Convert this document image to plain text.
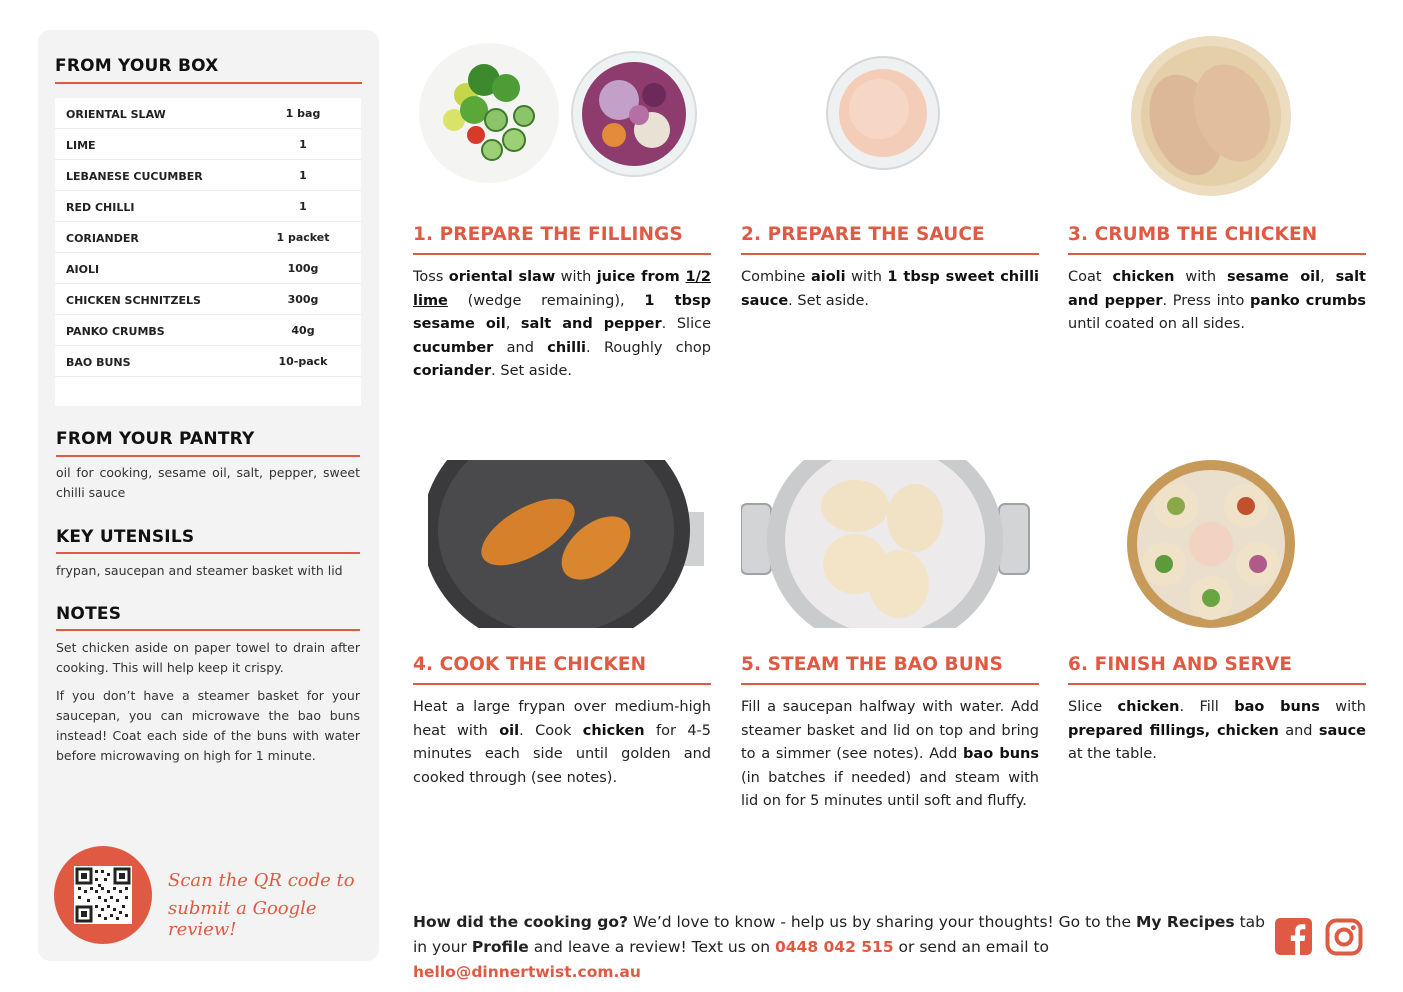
FROM YOUR BOX
ORIENTAL SLAW	1 bag
LIME	1
LEBANESE CUCUMBER	1
RED CHILLI	1
CORIANDER	1 packet
AIOLI	100g
CHICKEN SCHNITZELS	300g
PANKO CRUMBS	40g
BAO BUNS	10-pack
FROM YOUR PANTRY
oil for cooking, sesame oil, salt, pepper, sweet chilli sauce
KEY UTENSILS
frypan, saucepan and steamer basket with lid
NOTES
Set chicken aside on paper towel to drain after cooking. This will help keep it crispy.
If you don’t have a steamer basket for your saucepan, you can microwave the bao buns instead! Coat each side of the buns with water before microwaving on high for 1 minute.
Scan the QR code to
submit a Google review!
1. PREPARE THE FILLINGS
Toss oriental slaw with juice from 1/2 lime (wedge remaining), 1 tbsp sesame oil, salt and pepper. Slice cucumber and chilli. Roughly chop coriander. Set aside.
2. PREPARE THE SAUCE
Combine aioli with 1 tbsp sweet chilli sauce. Set aside.
3. CRUMB THE CHICKEN
Coat chicken with sesame oil, salt and pepper. Press into panko crumbs until coated on all sides.
4. COOK THE CHICKEN
Heat a large frypan over medium-high heat with oil. Cook chicken for 4-5 minutes each side until golden and cooked through (see notes).
5. STEAM THE BAO BUNS
Fill a saucepan halfway with water. Add steamer basket and lid on top and bring to a simmer (see notes). Add bao buns (in batches if needed) and steam with lid on for 5 minutes until soft and fluffy.
6. FINISH AND SERVE
Slice chicken. Fill bao buns with prepared fillings, chicken and sauce at the table.
How did the cooking go? We’d love to know - help us by sharing your thoughts! Go to the My Recipes tab in your Profile and leave a review! Text us on 0448 042 515 or send an email to hello@dinnertwist.com.au
